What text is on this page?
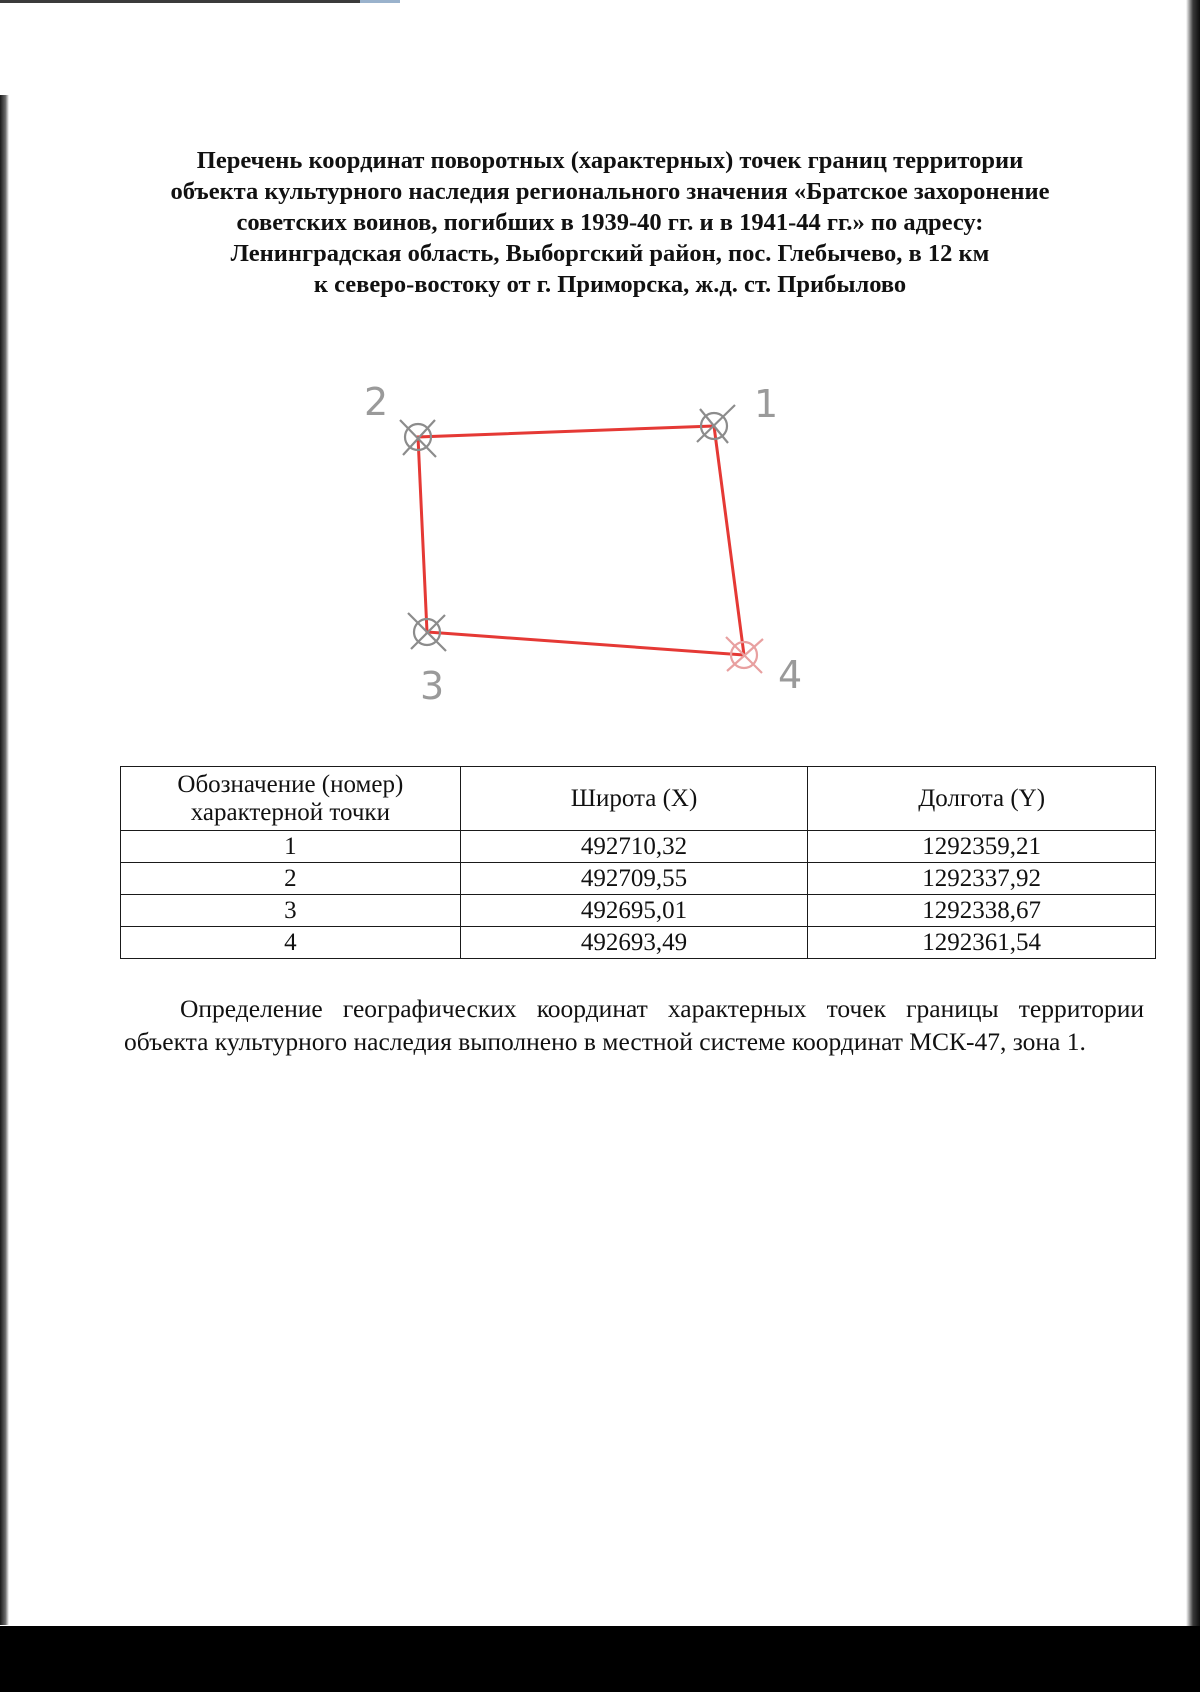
Перечень координат поворотных (характерных) точек границ территории
объекта культурного наследия регионального значения «Братское захоронение
советских воинов, погибших в 1939-40 гг. и в 1941-44 гг.» по адресу:
Ленинградская область, Выборгский район, пос. Глебычево, в 12 км
к северо-востоку от г. Приморска, ж.д. ст. Прибылово
1
2
3	4
Обозначение (номер)
характерной точки	Широта (X)	Долгота (Y)
1	492710,32	1292359,21
2	492709,55	1292337,92
3	492695,01	1292338,67
4	492693,49	1292361,54

Определение географических координат характерных точек границы территории объекта культурного наследия выполнено в местной системе координат МСК-47, зона 1.
